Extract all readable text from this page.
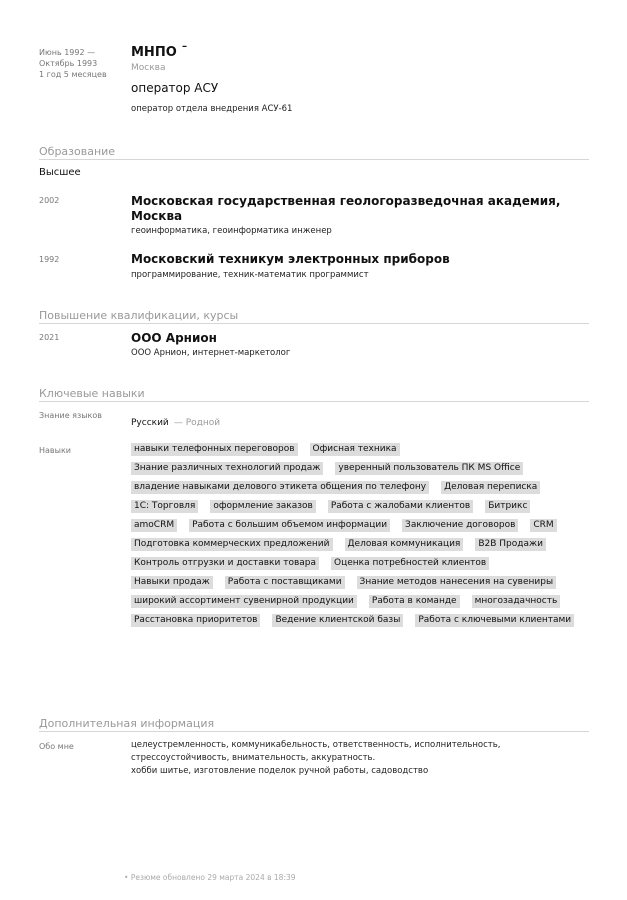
Июнь 1992 —
Октябрь 1993
1 год 5 месяцев
МНПО ˉ
Москва
оператор АСУ
оператор отдела внедрения АСУ-61
Образование
Высшее
2002	Московская государственная геологоразведочная академия,
Москва
геоинформатика, геоинформатика инженер
1992	Московский техникум электронных приборов
программирование, техник-математик программист
Повышение квалификации, курсы
2021	ООО Арнион
ООО Арнион, интернет-маркетолог
Ключевые навыки
Знание языков
Русский — Родной
Навыки	навыки телефонных переговоров Офисная техникаЗнание различных технологий продаж уверенный пользователь ПК MS Officeвладение навыками делового этикета общения по телефону Деловая переписка1С: Торговля оформление заказов Работа с жалобами клиентов БитриксamoCRM Работа с большим объемом информации Заключение договоров CRMПодготовка коммерческих предложений Деловая коммуникация B2B ПродажиКонтроль отгрузки и доставки товара Оценка потребностей клиентовНавыки продаж Работа с поставщиками Знание методов нанесения на сувенирыширокий ассортимент сувенирной продукции Работа в команде многозадачностьРасстановка приоритетов Ведение клиентской базы Работа с ключевыми клиентами
Дополнительная информация
Обо мне	целеустремленность, коммуникабельность, ответственность, исполнительность,
стрессоустойчивость, внимательность, аккуратность.
хобби шитье, изготовление поделок ручной работы, садоводство
• Резюме обновлено 29 марта 2024 в 18:39
